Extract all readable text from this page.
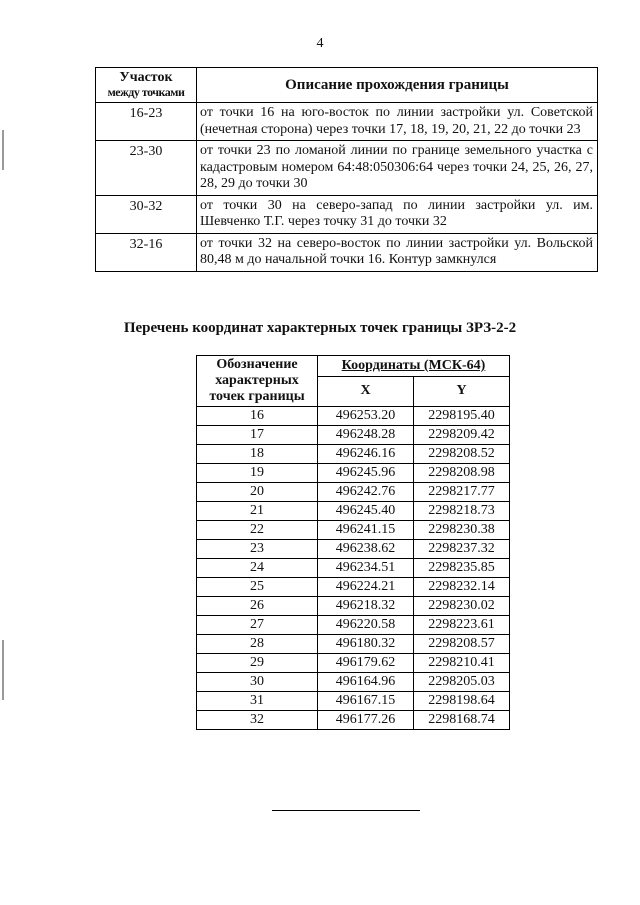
4
Участок
между точками	Описание прохождения границы
16-23	от точки 16 на юго-восток по линии застройки ул. Советской (нечетная сторона) через точки 17, 18, 19, 20, 21, 22 до точки 23
23-30	от точки 23 по ломаной линии по границе земельного участка с кадастровым номером 64:48:050306:64 через точки 24, 25, 26, 27, 28, 29 до точки 30
30-32	от точки 30 на северо-запад по линии застройки ул. им. Шевченко Т.Г. через точку 31 до точки 32
32-16	от точки 32 на северо-восток по линии застройки ул. Вольской 80,48 м до начальной точки 16. Контур замкнулся
Перечень координат характерных точек границы ЗРЗ-2-2
Обозначение характерных точек границы	Координаты (МСК-64)	
	X	Y
16	496253.20	2298195.40
17	496248.28	2298209.42
18	496246.16	2298208.52
19	496245.96	2298208.98
20	496242.76	2298217.77
21	496245.40	2298218.73
22	496241.15	2298230.38
23	496238.62	2298237.32
24	496234.51	2298235.85
25	496224.21	2298232.14
26	496218.32	2298230.02
27	496220.58	2298223.61
28	496180.32	2298208.57
29	496179.62	2298210.41
30	496164.96	2298205.03
31	496167.15	2298198.64
32	496177.26	2298168.74
